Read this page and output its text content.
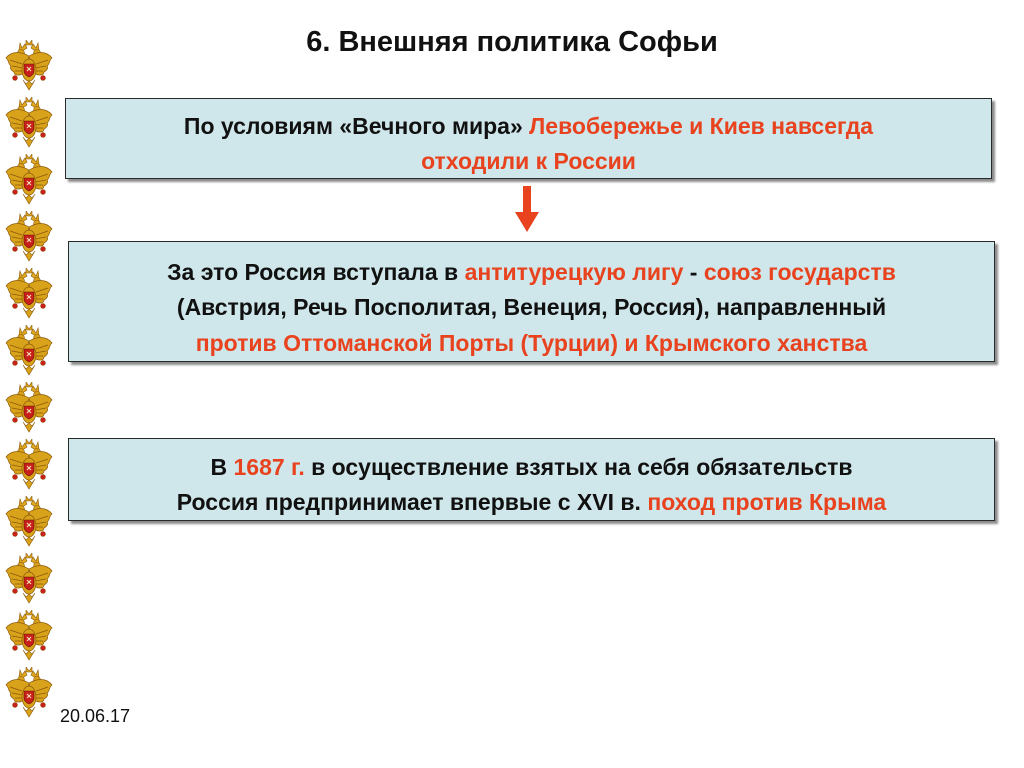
6. Внешняя политика Софьи
По условиям «Вечного мира» Левобережье и Киев навсегда
отходили к России
За это Россия вступала в антитурецкую лигу - союз государств
(Австрия, Речь Посполитая, Венеция, Россия), направленный
против Оттоманской Порты (Турции) и Крымского ханства
В 1687 г. в осуществление взятых на себя обязательств
Россия предпринимает впервые с XVI в. поход против Крыма
20.06.17
